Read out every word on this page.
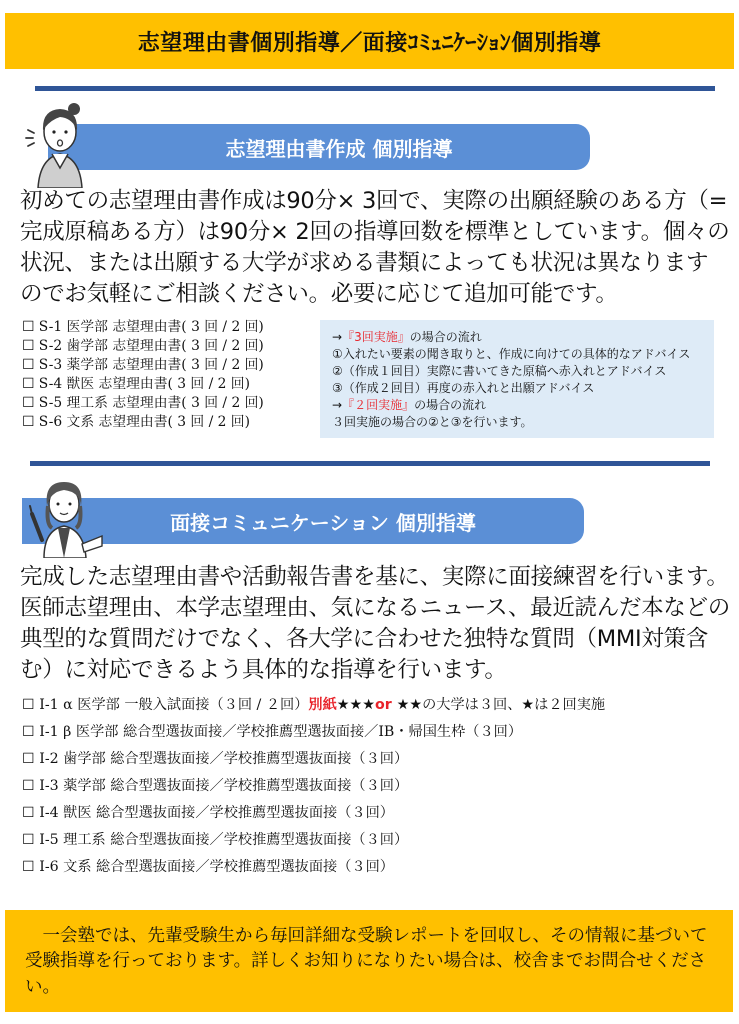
志望理由書個別指導／面接ｺﾐｭﾆｹｰｼｮﾝ個別指導
志望理由書作成 個別指導
初めての志望理由書作成は90分× 3回で、実際の出願経験のある方（=完成原稿ある方）は90分× 2回の指導回数を標準としています。個々の状況、または出願する大学が求める書類によっても状況は異なりますのでお気軽にご相談ください。必要に応じて追加可能です。
☐ S-1 医学部 志望理由書( 3 回 / 2 回)
☐ S-2 歯学部 志望理由書( 3 回 / 2 回)
☐ S-3 薬学部 志望理由書( 3 回 / 2 回)
☐ S-4 獣医 志望理由書( 3 回 / 2 回)
☐ S-5 理工系 志望理由書( 3 回 / 2 回)
☐ S-6 文系 志望理由書( 3 回 / 2 回)
→『3回実施』の場合の流れ
①入れたい要素の聞き取りと、作成に向けての具体的なアドバイス
②（作成１回目）実際に書いてきた原稿へ赤入れとアドバイス
③（作成２回目）再度の赤入れと出願アドバイス
→『２回実施』の場合の流れ
３回実施の場合の②と③を行います。
面接コミュニケーション 個別指導
完成した志望理由書や活動報告書を基に、実際に面接練習を行います。医師志望理由、本学志望理由、気になるニュース、最近読んだ本などの典型的な質問だけでなく、各大学に合わせた独特な質問（MMI対策含む）に対応できるよう具体的な指導を行います。
☐ I-1 α 医学部 一般入試面接（３回 / ２回）別紙★★★or ★★の大学は３回、★は２回実施
☐ I-1 β 医学部 総合型選抜面接／学校推薦型選抜面接／IB・帰国生枠（３回）
☐ I-2 歯学部 総合型選抜面接／学校推薦型選抜面接（３回）
☐ I-3 薬学部 総合型選抜面接／学校推薦型選抜面接（３回）
☐ I-4 獣医 総合型選抜面接／学校推薦型選抜面接（３回）
☐ I-5 理工系 総合型選抜面接／学校推薦型選抜面接（３回）
☐ I-6 文系 総合型選抜面接／学校推薦型選抜面接（３回）
一会塾では、先輩受験生から毎回詳細な受験レポートを回収し、その情報に基づいて受験指導を行っております。詳しくお知りになりたい場合は、校舎までお問合せください。
